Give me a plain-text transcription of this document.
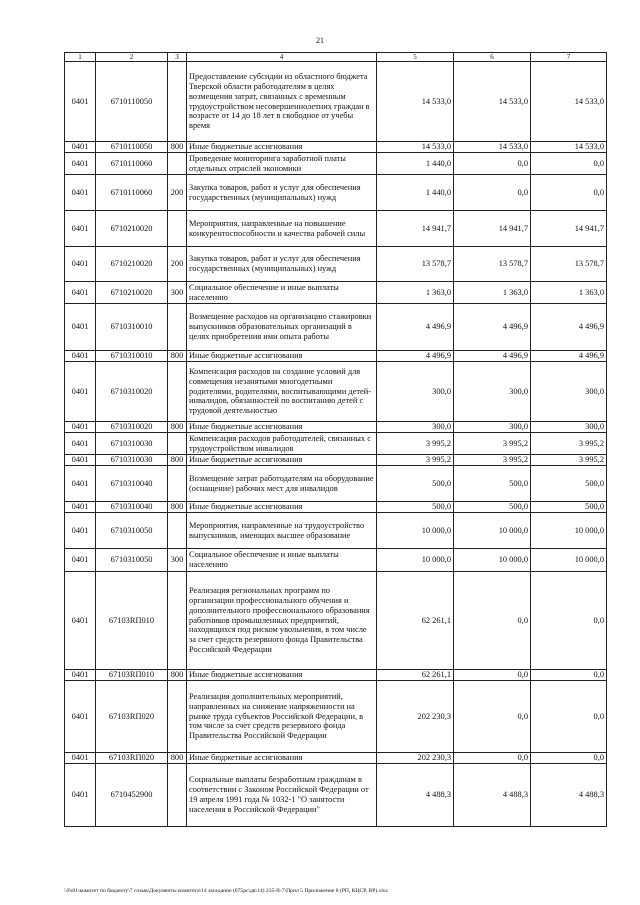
21
1	2	3	4	5	6	7
0401	6710110050		Предоставление субсидии из областного бюджета Тверской области работодателям в целях возмещения затрат, связанных с временным трудоустройством несовершеннолетних граждан в возрасте от 14 до 18 лет в свободное от учебы время	14 533,0	14 533,0	14 533,0
0401	6710110050	800	Иные бюджетные ассигнования	14 533,0	14 533,0	14 533,0
0401	6710110060		Проведение мониторинга заработной платы отдельных отраслей экономики	1 440,0	0,0	0,0
0401	6710110060	200	Закупка товаров, работ и услуг для обеспечения государственных (муниципальных) нужд	1 440,0	0,0	0,0
0401	6710210020		Мероприятия, направленные на повышение конкурентоспособности и качества рабочей силы	14 941,7	14 941,7	14 941,7
0401	6710210020	200	Закупка товаров, работ и услуг для обеспечения государственных (муниципальных) нужд	13 578,7	13 578,7	13 578,7
0401	6710210020	300	Социальное обеспечение и иные выплаты населению	1 363,0	1 363,0	1 363,0
0401	6710310010		Возмещение расходов на организацию стажировки выпускников образовательных организаций в целях приобретения ими опыта работы	4 496,9	4 496,9	4 496,9
0401	6710310010	800	Иные бюджетные ассигнования	4 496,9	4 496,9	4 496,9
0401	6710310020		Компенсация расходов на создание условий для совмещения незанятыми многодетными родителями, родителями, воспитывающими детей-инвалидов, обязанностей по воспитанию детей с трудовой деятельностью	300,0	300,0	300,0
0401	6710310020	800	Иные бюджетные ассигнования	300,0	300,0	300,0
0401	6710310030		Компенсация расходов работодателей, связанных с трудоустройством инвалидов	3 995,2	3 995,2	3 995,2
0401	6710310030	800	Иные бюджетные ассигнования	3 995,2	3 995,2	3 995,2
0401	6710310040		Возмещение затрат работодателям на оборудование (оснащение) рабочих мест для инвалидов	500,0	500,0	500,0
0401	6710310040	800	Иные бюджетные ассигнования	500,0	500,0	500,0
0401	6710310050		Мероприятия, направленные на трудоустройство выпускников, имеющих высшее образование	10 000,0	10 000,0	10 000,0
0401	6710310050	300	Социальное обеспечение и иные выплаты населению	10 000,0	10 000,0	10 000,0
0401	67103RП010		Реализация региональных программ по организации профессионального обучения и дополнительного профессионального образования работников промышленных предприятий, находящихся под риском увольнения, в том числе за счет средств резервного фонда Правительства Российской Федерации	62 261,1	0,0	0,0
0401	67103RП010	800	Иные бюджетные ассигнования	62 261,1	0,0	0,0
0401	67103RП020		Реализация дополнительных мероприятий, направленных на снижение напряженности на рынке труда субъектов Российской Федерации, в том числе за счет средств резервного фонда Правительства Российской Федерации	202 230,3	0,0	0,0
0401	67103RП020	800	Иные бюджетные ассигнования	202 230,3	0,0	0,0
0401	6710452900		Социальные выплаты безработным гражданам в соответствии с Законом Российской Федерации от 19 апреля 1991 года № 1032-1 "О занятости населения в Российской Федерации"	4 488,3	4 488,3	4 488,3
\\Fs01\комитет по бюджету\7 созыв\Документы комитета\14 заседание (075рс\дв\14) 235-II-7\Прил 5 Приложение 8 (РП, КЦСР, ВР).xlsx
